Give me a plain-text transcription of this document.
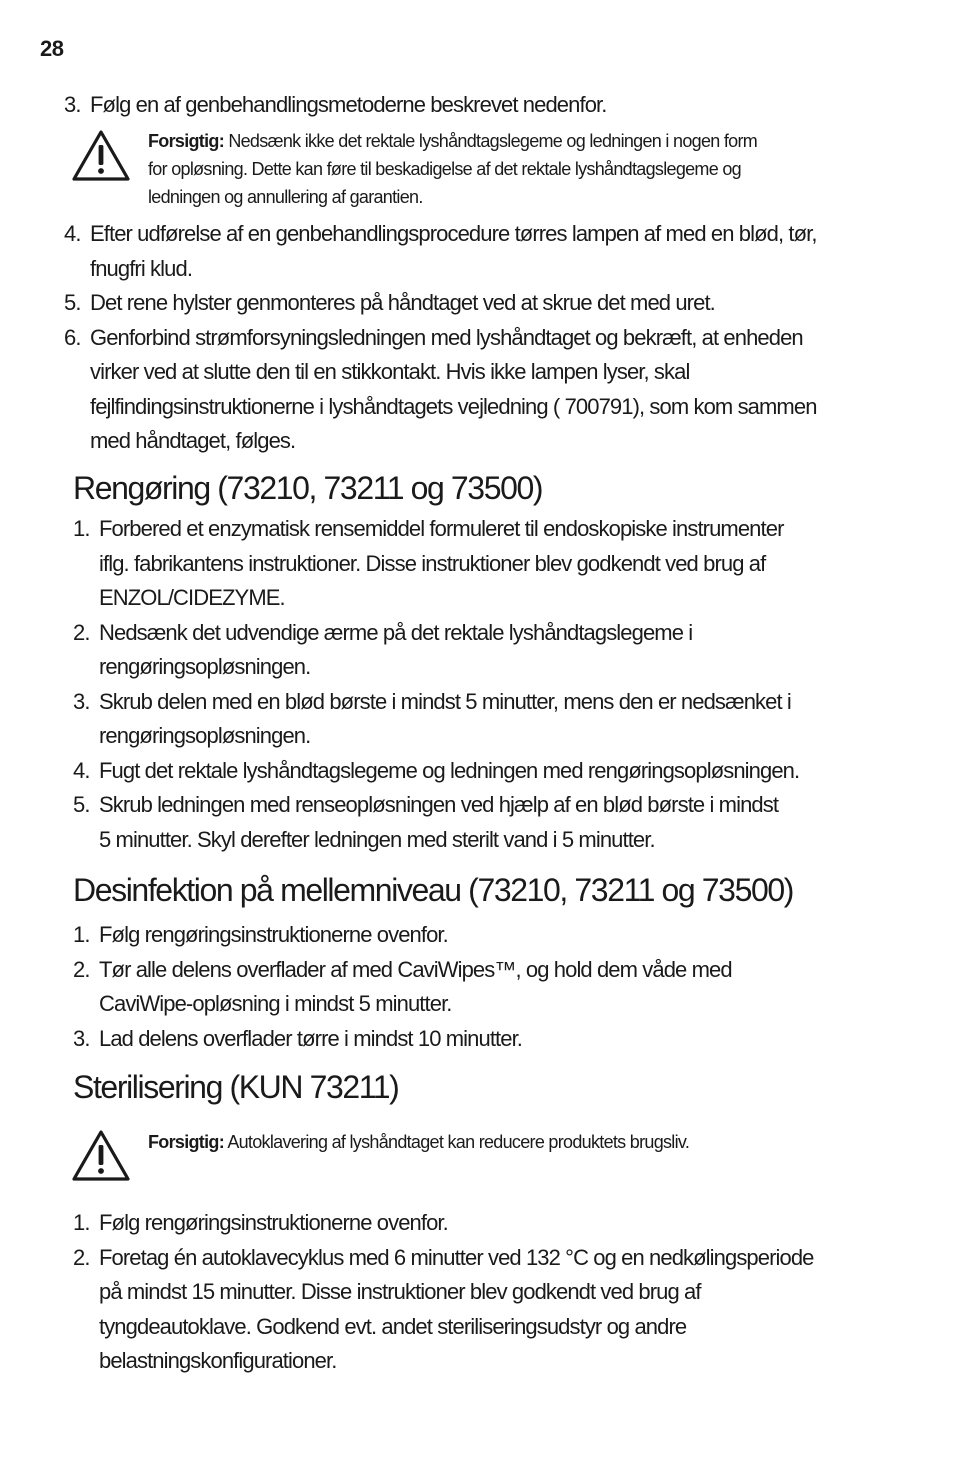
28
3. Følg en af genbehandlingsmetoderne beskrevet nedenfor.
Forsigtig: Nedsænk ikke det rektale lyshåndtagslegeme og ledningen i nogen form
for opløsning. Dette kan føre til beskadigelse af det rektale lyshåndtagslegeme og
ledningen og annullering af garantien.
4. Efter udførelse af en genbehandlingsprocedure tørres lampen af med en blød, tør,
fnugfri klud.
5. Det rene hylster genmonteres på håndtaget ved at skrue det med uret.
6. Genforbind strømforsyningsledningen med lyshåndtaget og bekræft, at enheden
virker ved at slutte den til en stikkontakt. Hvis ikke lampen lyser, skal
fejlfindingsinstruktionerne i lyshåndtagets vejledning ( 700791), som kom sammen
med håndtaget, følges.
Rengøring (73210, 73211 og 73500)
1. Forbered et enzymatisk rensemiddel formuleret til endoskopiske instrumenter
iflg. fabrikantens instruktioner. Disse instruktioner blev godkendt ved brug af
ENZOL/CIDEZYME.
2. Nedsænk det udvendige ærme på det rektale lyshåndtagslegeme i
rengøringsopløsningen.
3. Skrub delen med en blød børste i mindst 5 minutter, mens den er nedsænket i
rengøringsopløsningen.
4. Fugt det rektale lyshåndtagslegeme og ledningen med rengøringsopløsningen.
5. Skrub ledningen med renseopløsningen ved hjælp af en blød børste i mindst
5 minutter. Skyl derefter ledningen med sterilt vand i 5 minutter.
Desinfektion på mellemniveau (73210, 73211 og 73500)
1. Følg rengøringsinstruktionerne ovenfor.
2. Tør alle delens overflader af med CaviWipes™, og hold dem våde med
CaviWipe-opløsning i mindst 5 minutter.
3. Lad delens overflader tørre i mindst 10 minutter.
Sterilisering (KUN 73211)
Forsigtig: Autoklavering af lyshåndtaget kan reducere produktets brugsliv.
1. Følg rengøringsinstruktionerne ovenfor.
2. Foretag én autoklavecyklus med 6 minutter ved 132 °C og en nedkølingsperiode
på mindst 15 minutter. Disse instruktioner blev godkendt ved brug af
tyngdeautoklave. Godkend evt. andet steriliseringsudstyr og andre
belastningskonfigurationer.
